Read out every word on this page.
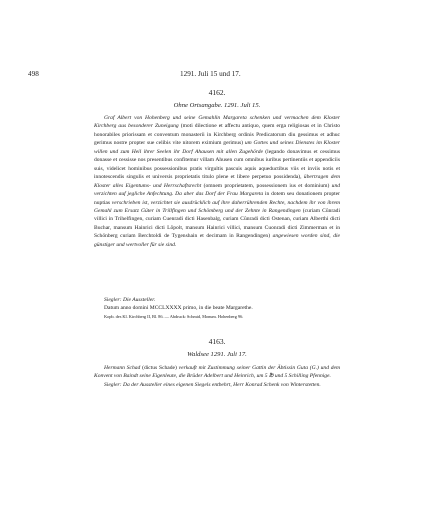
498	1291. Juli 15 und 17.
4162.
Ohne Ortsangabe. 1291. Juli 15.

Graf Albert von Hohenberg und seine Gemahlin Margareta schenken und vermachen dem Kloster Kirchberg aus besonderer Zuneigung (moti dilectione et affectu antiquo, quem erga religiosas et in Christo honorabiles priorissam et conventum monasterii in Kirchberg ordinis Predicatorum diu gessimus et adhuc gerimus nostre propter sue celibis vite nitorem eximium gerimus) um Gottes und seines Dienstes im Kloster willen und zum Heil ihrer Seelen ihr Dorf Ahausen mit allen Zugehörde (legando donavimus et cessimus donasse et cessisse nos presentibus confitemur villam Ahusen cum omnibus iuribus pertinentiis et appendiciis suis, videlicet hominibus possessionibus pratis virgultis pascuis aquis aqueductibus viis et inviis notis et innotescendis singulis et universis proprietatis titulo plene et libere perpetuo possidenda), übertragen dem Kloster alles Eigentums- und Herrschaftsrecht (omnem proprietatem, possessionem ius et dominium) und verzichten auf jegliche Anfechtung. Da aber das Dorf der Frau Margareta in dotem seu donationem propter nuptias verschrieben ist, verzichtet sie ausdrücklich auf ihre daherrührenden Rechte, nachdem ihr von ihrem Gemahl zum Ersatz Güter in Trillfingen und Schömberg und der Zehnte in Rangendingen (curiam Cŭnradi villici in Trihelfingen, curiam Cuenradi dicti Hasenbalg, curiam Cŭnradi dicti Ostenan, curiam Alberthi dicti Buchar, mansum Hainrici dicti Lŏpolt, mansum Hainrici villici, mansum Cuonradi dicti Zimmerman et in Schönberg curiam Berchtoldi de Tygenshain et decimam in Rangendingen) angewiesen worden sind, die günstiger und wertvoller für sie sind.

Siegler: Die Aussteller.

Datum anno domini MCCLXXXX primo, in die beate Margarethe.

Kopb. des Kl. Kirchberg II, Bl. 86. — Abdruck: Schmid, Monum. Hohenberg 96.

4163.
Waldsee 1291. Juli 17.

Hermann Schad (dictus Schade) verkauft mit Zustimmung seiner Gattin der Äbtissin Guta (G.) und dem Konvent von Baindt seine Eigenleute, die Brüder Adelbert und Heinrich, um 5 ℔ und 5 Schilling Pfennige.

Siegler: Da der Aussteller eines eigenen Siegels entbehrt, Herr Konrad Schenk von Winterstetten.
